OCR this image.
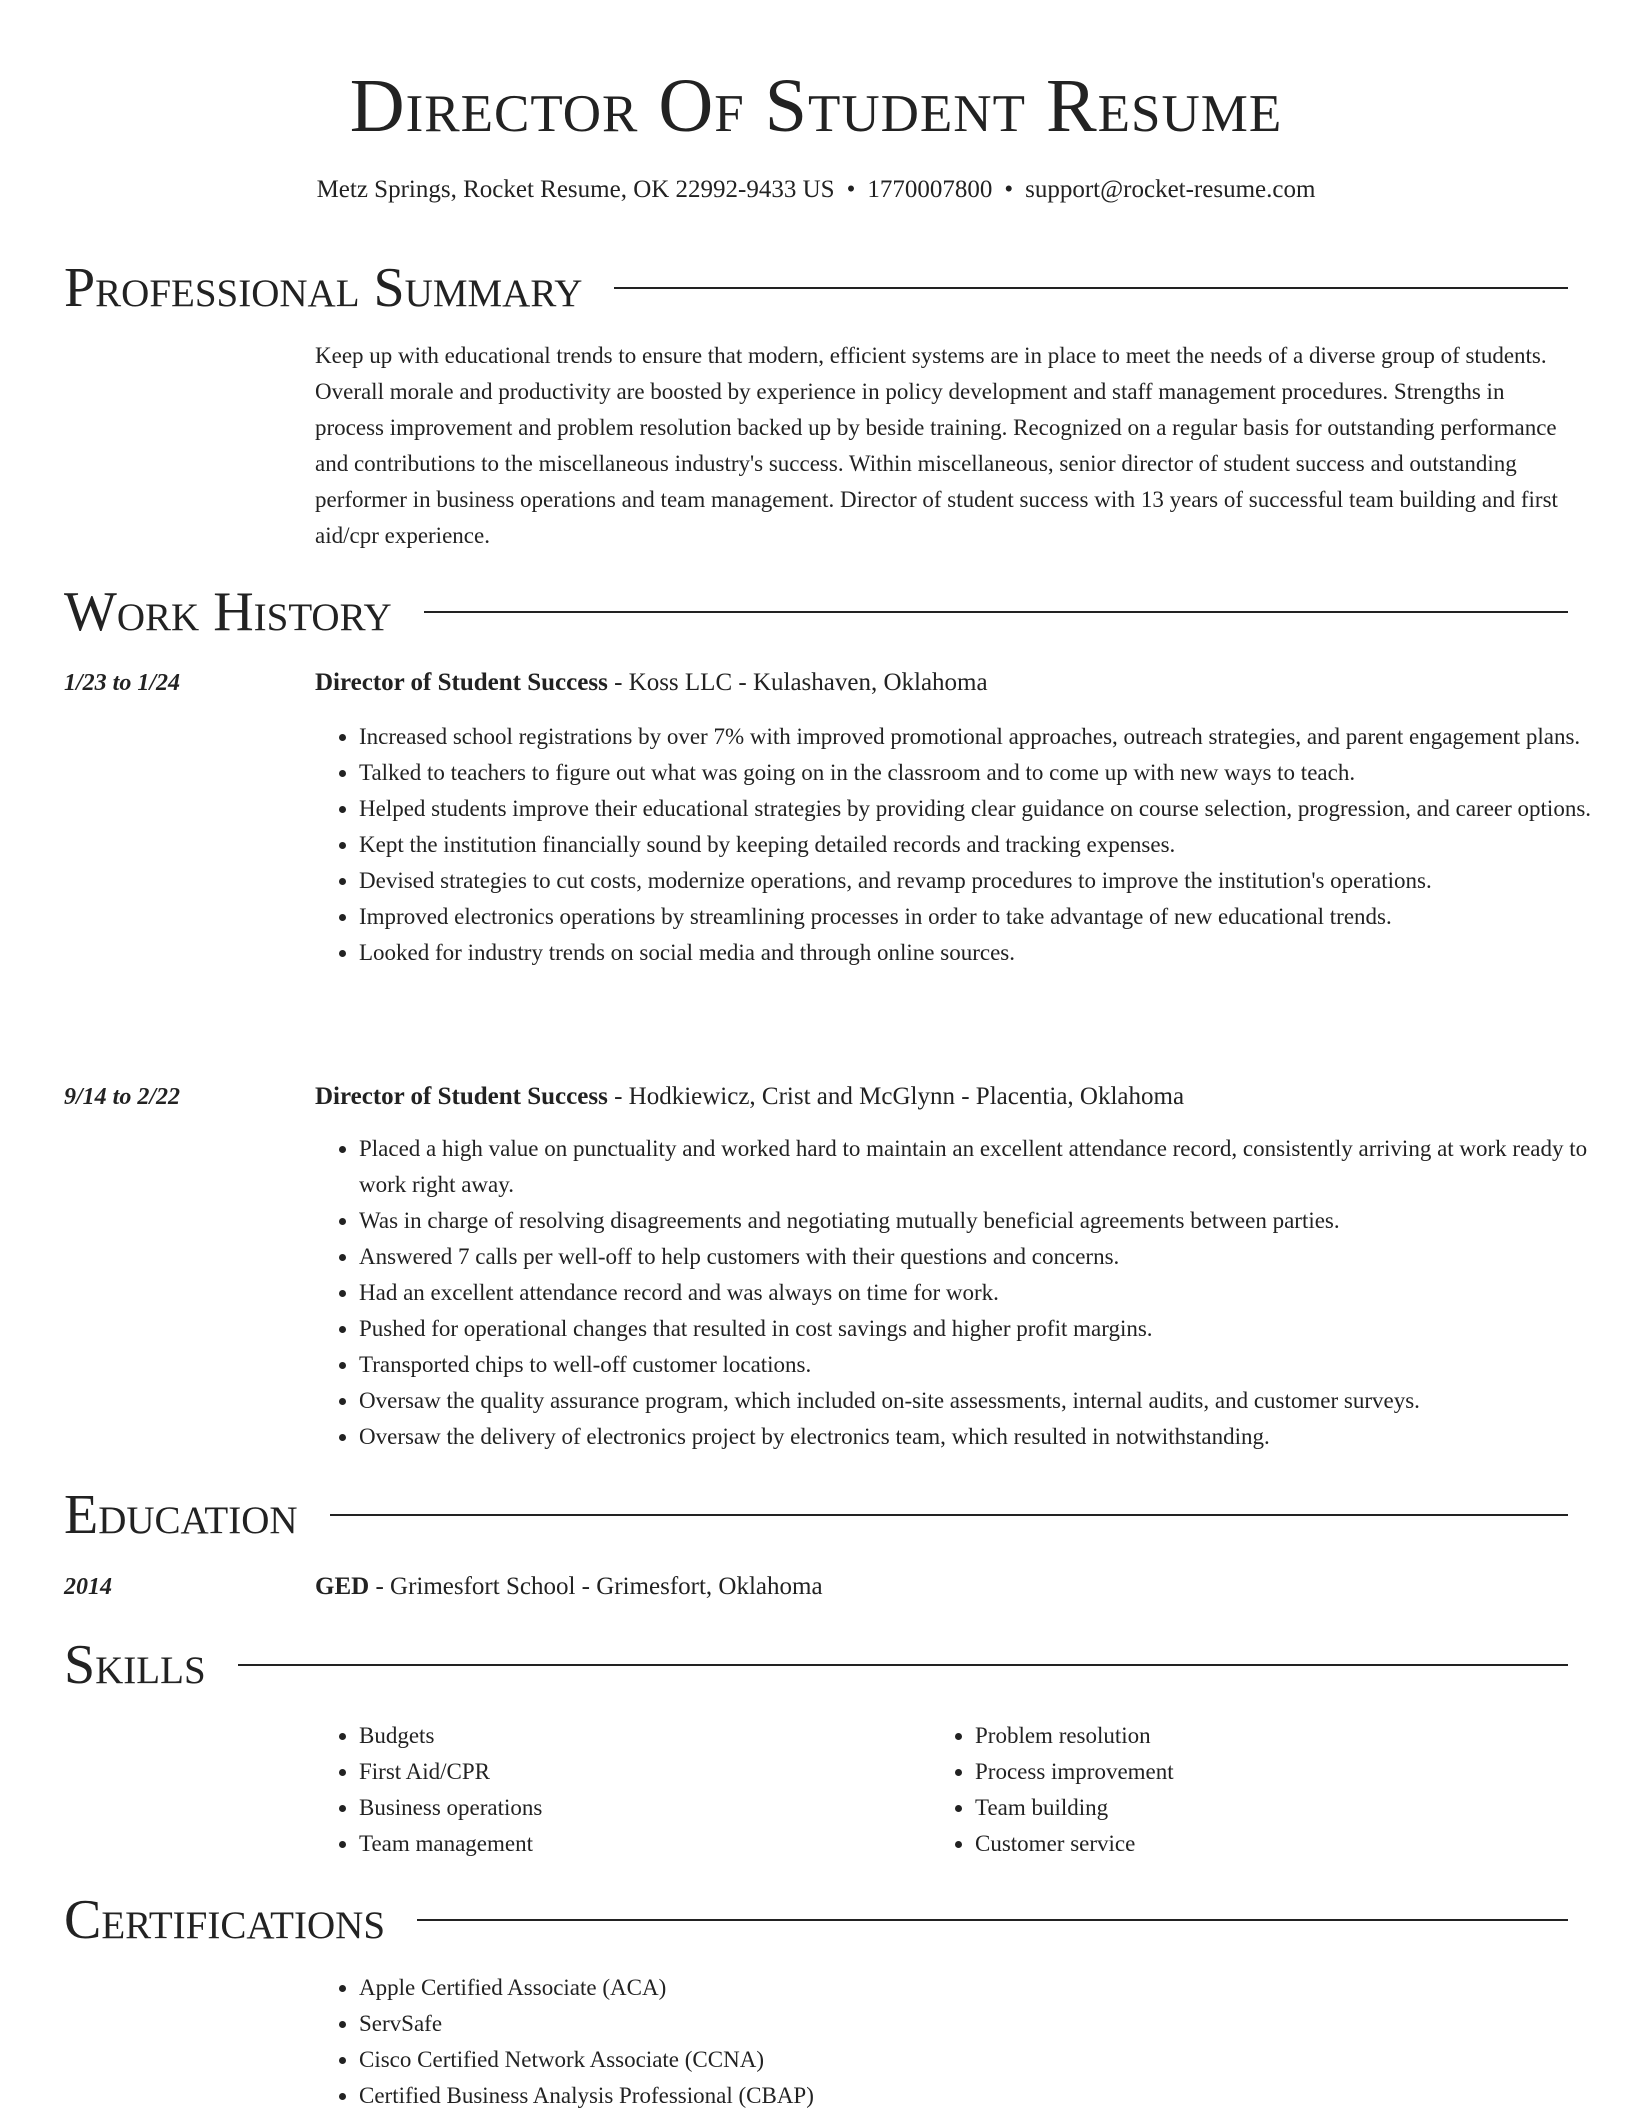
Director Of Student Resume
Metz Springs, Rocket Resume, OK 22992-9433 US • 1770007800 • support@rocket-resume.com
Professional Summary

Keep up with educational trends to ensure that modern, efficient systems are in place to meet the needs of a diverse group of students. Overall morale and productivity are boosted by experience in policy development and staff management procedures. Strengths in process improvement and problem resolution backed up by beside training. Recognized on a regular basis for outstanding performance and contributions to the miscellaneous industry's success. Within miscellaneous, senior director of student success and outstanding performer in business operations and team management. Director of student success with 13 years of successful team building and first aid/cpr experience.

Work History
1/23 to 1/24	Director of Student Success - Koss LLC - Kulashaven, Oklahoma
• Increased school registrations by over 7% with improved promotional approaches, outreach strategies, and parent engagement plans.
• Talked to teachers to figure out what was going on in the classroom and to come up with new ways to teach.
• Helped students improve their educational strategies by providing clear guidance on course selection, progression, and career options.
• Kept the institution financially sound by keeping detailed records and tracking expenses.
• Devised strategies to cut costs, modernize operations, and revamp procedures to improve the institution's operations.
• Improved electronics operations by streamlining processes in order to take advantage of new educational trends.
• Looked for industry trends on social media and through online sources.
9/14 to 2/22	Director of Student Success - Hodkiewicz, Crist and McGlynn - Placentia, Oklahoma
• Placed a high value on punctuality and worked hard to maintain an excellent attendance record, consistently arriving at work ready to work right away.
• Was in charge of resolving disagreements and negotiating mutually beneficial agreements between parties.
• Answered 7 calls per well-off to help customers with their questions and concerns.
• Had an excellent attendance record and was always on time for work.
• Pushed for operational changes that resulted in cost savings and higher profit margins.
• Transported chips to well-off customer locations.
• Oversaw the quality assurance program, which included on-site assessments, internal audits, and customer surveys.
• Oversaw the delivery of electronics project by electronics team, which resulted in notwithstanding.
Education
2014	GED - Grimesfort School - Grimesfort, Oklahoma
Skills
• Budgets
• First Aid/CPR
• Business operations
• Team management
• Problem resolution
• Process improvement
• Team building
• Customer service
Certifications
• Apple Certified Associate (ACA)
• ServSafe
• Cisco Certified Network Associate (CCNA)
• Certified Business Analysis Professional (CBAP)
